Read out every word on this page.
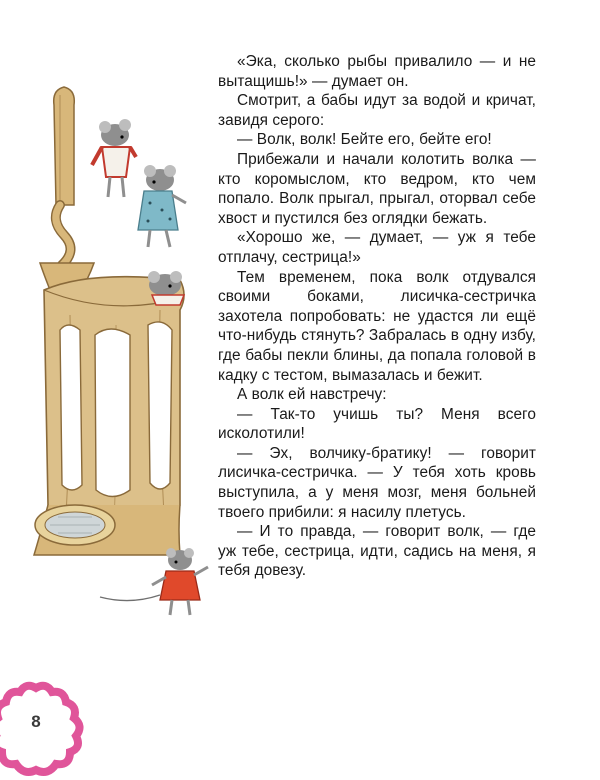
«Эка, сколько рыбы привалило — и не вытащишь!» — думает он.

Смотрит, а бабы идут за водой и кричат, завидя серого:

— Волк, волк! Бейте его, бейте его!

Прибежали и начали колотить волка — кто коромыслом, кто ведром, кто чем попало. Волк прыгал, прыгал, оторвал себе хвост и пустился без оглядки бежать.

«Хорошо же, — думает, — уж я тебе отплачу, сестрица!»

Тем временем, пока волк отдувался своими боками, лисичка-сестричка захотела попробовать: не удастся ли ещё что-нибудь стянуть? Забралась в одну избу, где бабы пекли блины, да попала головой в кадку с тестом, вымазалась и бежит.

А волк ей навстречу:

— Так-то учишь ты? Меня всего исколотили!

— Эх, волчику-братику! — говорит лисичка-сестричка. — У тебя хоть кровь выступила, а у меня мозг, меня больней твоего прибили: я насилу плетусь.

— И то правда, — говорит волк, — где уж тебе, сестрица, идти, садись на меня, я тебя довезу.

8
